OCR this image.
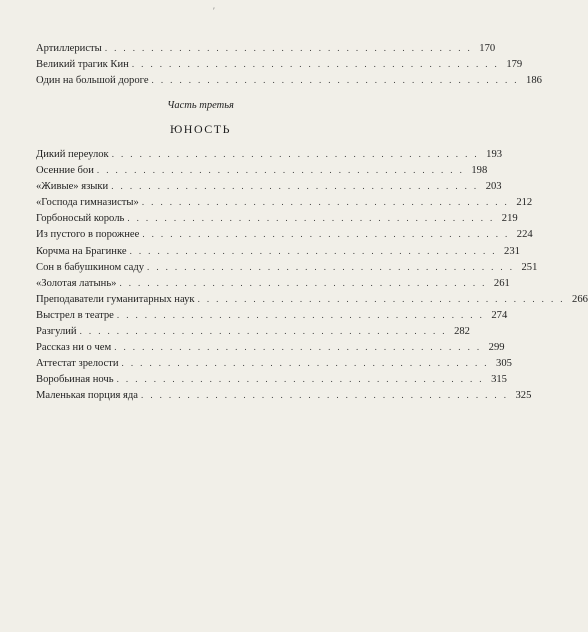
′
Артиллеристы . . . . . . . . . . . . . . . . . . . . . . . . . . . . . . . . . . . . . . . . 170
Великий трагик Кин . . . . . . . . . . . . . . . . . . . . . . . . . . . . . . . . . . . . . . . . 179
Один на большой дороге . . . . . . . . . . . . . . . . . . . . . . . . . . . . . . . . . . . . . . . . 186
Часть третья
ЮНОСТЬ
Дикий переулок . . . . . . . . . . . . . . . . . . . . . . . . . . . . . . . . . . . . . . . . 193
Осенние бои . . . . . . . . . . . . . . . . . . . . . . . . . . . . . . . . . . . . . . . . 198
«Живые» языки . . . . . . . . . . . . . . . . . . . . . . . . . . . . . . . . . . . . . . . . 203
«Господа гимназисты» . . . . . . . . . . . . . . . . . . . . . . . . . . . . . . . . . . . . . . . . 212
Горбоносый король . . . . . . . . . . . . . . . . . . . . . . . . . . . . . . . . . . . . . . . . 219
Из пустого в порожнее . . . . . . . . . . . . . . . . . . . . . . . . . . . . . . . . . . . . . . . . 224
Корчма на Брагинке . . . . . . . . . . . . . . . . . . . . . . . . . . . . . . . . . . . . . . . . 231
Сон в бабушкином саду . . . . . . . . . . . . . . . . . . . . . . . . . . . . . . . . . . . . . . . . 251
«Золотая латынь» . . . . . . . . . . . . . . . . . . . . . . . . . . . . . . . . . . . . . . . . 261
Преподаватели гуманитарных наук . . . . . . . . . . . . . . . . . . . . . . . . . . . . . . . . . . . . . . . . 266
Выстрел в театре . . . . . . . . . . . . . . . . . . . . . . . . . . . . . . . . . . . . . . . . 274
Разгулий . . . . . . . . . . . . . . . . . . . . . . . . . . . . . . . . . . . . . . . . 282
Рассказ ни о чем . . . . . . . . . . . . . . . . . . . . . . . . . . . . . . . . . . . . . . . . 299
Аттестат зрелости . . . . . . . . . . . . . . . . . . . . . . . . . . . . . . . . . . . . . . . . 305
Воробьиная ночь . . . . . . . . . . . . . . . . . . . . . . . . . . . . . . . . . . . . . . . . 315
Маленькая порция яда . . . . . . . . . . . . . . . . . . . . . . . . . . . . . . . . . . . . . . . . 325
